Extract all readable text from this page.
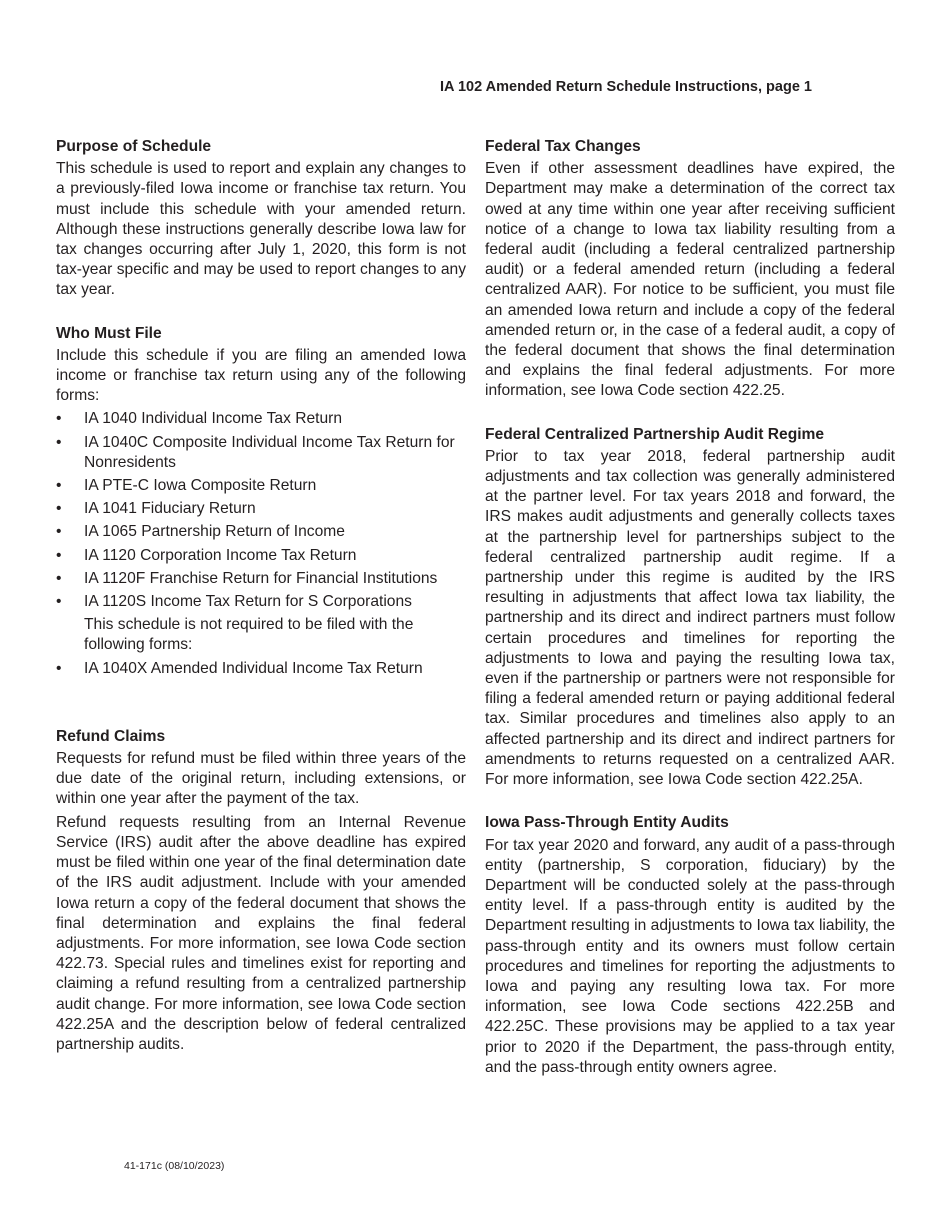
IA 102 Amended Return Schedule Instructions, page 1
Purpose of Schedule

This schedule is used to report and explain any changes to a previously-filed Iowa income or franchise tax return. You must include this schedule with your amended return. Although these instructions generally describe Iowa law for tax changes occurring after July 1, 2020, this form is not tax-year specific and may be used to report changes to any tax year.

Who Must File

Include this schedule if you are filing an amended Iowa income or franchise tax return using any of the following forms:

• IA 1040 Individual Income Tax Return
• IA 1040C Composite Individual Income Tax Return for Nonresidents
• IA PTE-C Iowa Composite Return
• IA 1041 Fiduciary Return
• IA 1065 Partnership Return of Income
• IA 1120 Corporation Income Tax Return
• IA 1120F Franchise Return for Financial Institutions
• IA 1120S Income Tax Return for S Corporations

This schedule is not required to be filed with the following forms:

• IA 1040X Amended Individual Income Tax Return
Refund Claims

Requests for refund must be filed within three years of the due date of the original return, including extensions, or within one year after the payment of the tax.

Refund requests resulting from an Internal Revenue Service (IRS) audit after the above deadline has expired must be filed within one year of the final determination date of the IRS audit adjustment. Include with your amended Iowa return a copy of the federal document that shows the final determination and explains the final federal adjustments. For more information, see Iowa Code section 422.73. Special rules and timelines exist for reporting and claiming a refund resulting from a centralized partnership audit change. For more information, see Iowa Code section 422.25A and the description below of federal centralized partnership audits.

Federal Tax Changes

Even if other assessment deadlines have expired, the Department may make a determination of the correct tax owed at any time within one year after receiving sufficient notice of a change to Iowa tax liability resulting from a federal audit (including a federal centralized partnership audit) or a federal amended return (including a federal centralized AAR). For notice to be sufficient, you must file an amended Iowa return and include a copy of the federal amended return or, in the case of a federal audit, a copy of the federal document that shows the final determination and explains the final federal adjustments. For more information, see Iowa Code section 422.25.

Federal Centralized Partnership Audit Regime

Prior to tax year 2018, federal partnership audit adjustments and tax collection was generally administered at the partner level. For tax years 2018 and forward, the IRS makes audit adjustments and generally collects taxes at the partnership level for partnerships subject to the federal centralized partnership audit regime. If a partnership under this regime is audited by the IRS resulting in adjustments that affect Iowa tax liability, the partnership and its direct and indirect partners must follow certain procedures and timelines for reporting the adjustments to Iowa and paying the resulting Iowa tax, even if the partnership or partners were not responsible for filing a federal amended return or paying additional federal tax. Similar procedures and timelines also apply to an affected partnership and its direct and indirect partners for amendments to returns requested on a centralized AAR. For more information, see Iowa Code section 422.25A.

Iowa Pass-Through Entity Audits

For tax year 2020 and forward, any audit of a pass-through entity (partnership, S corporation, fiduciary) by the Department will be conducted solely at the pass-through entity level. If a pass-through entity is audited by the Department resulting in adjustments to Iowa tax liability, the pass-through entity and its owners must follow certain procedures and timelines for reporting the adjustments to Iowa and paying any resulting Iowa tax. For more information, see Iowa Code sections 422.25B and 422.25C. These provisions may be applied to a tax year prior to 2020 if the Department, the pass-through entity, and the pass-through entity owners agree.

41-171c (08/10/2023)
